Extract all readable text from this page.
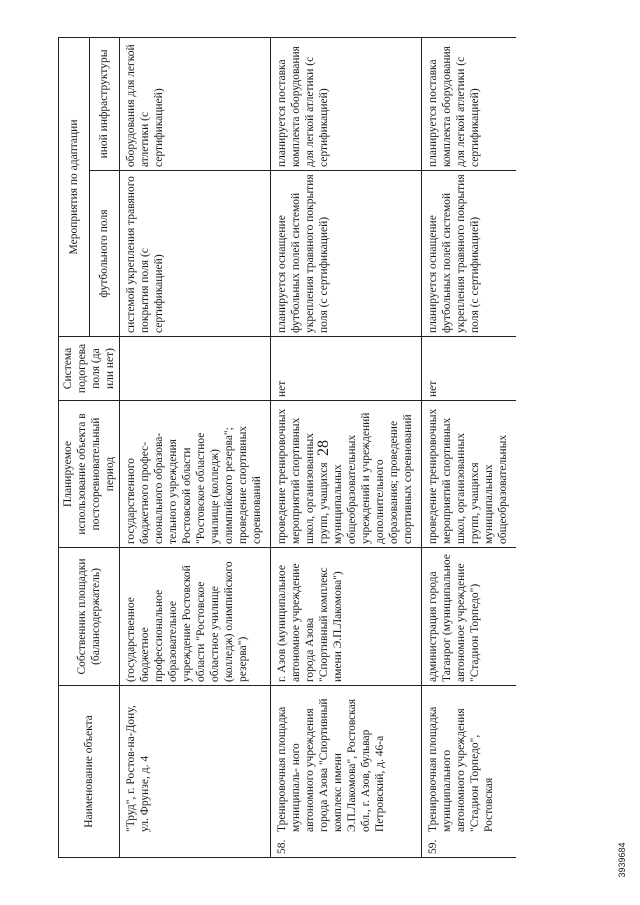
28
3939684
Наименование объекта	Собственник площадки (балансодержатель)	Планируемое использование объекта в постсоревновательный период	Система подогрева поля (да или нет)	Мероприятия по адаптации	
				футбольного поля	иной инфраструктуры

"Труд", г. Ростов-на-Дону, ул. Фрунзе, д. 4	(государственное бюджетное профессиональное образовательное учреждение Ростовской области "Ростовское областное училище (колледж) олимпийского резерва")	государственного бюджетного профес- сионального образова- тельного учреждения Ростовской области "Ростовское областное училище (колледж) олимпийского резерва"; проведение спортивных соревнований		системой укрепления травяного покрытия поля (с сертификацией)	оборудования для легкой атлетики (с сертификацией)

58.
Тренировочная площадка муниципаль- ного автономного учреждения города Азова "Спортивный комплекс имени Э.П.Лакомова", Ростовская обл., г. Азов, бульвар Петровский, д. 46-а	г. Азов (муниципальное автономное учреждение города Азова "Спортивный комплекс имени Э.П.Лакомова")	проведение тренировочных мероприятий спортивных школ, организованных групп, учащихся муниципальных общеобразовательных учреждений и учреждений дополнительного образования; проведение спортивных соревнований	нет	планируется оснащение футбольных полей системой укрепления травяного покрытия поля (с сертификацией)	планируется поставка комплекта оборудования для легкой атлетики (с сертификацией)

59.
Тренировочная площадка муниципального автономного учреждения "Стадион Торпедо", Ростовская	администрация города Таганрог (муниципальное автономное учреждение "Стадион Торпедо")	проведение тренировочных мероприятий спортивных школ, организованных групп, учащихся муниципальных общеобразовательных	нет	планируется оснащение футбольных полей системой укрепления травяного покрытия поля (с сертификацией)	планируется поставка комплекта оборудования для легкой атлетики (с сертификацией)
